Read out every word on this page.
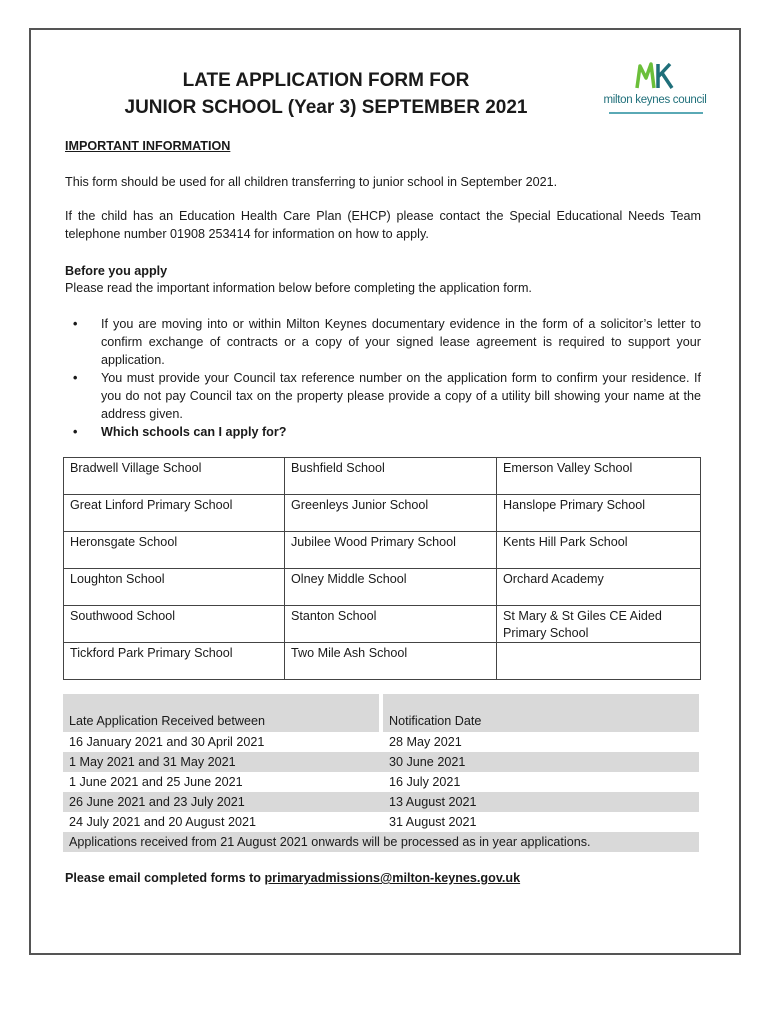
LATE APPLICATION FORM FOR
JUNIOR SCHOOL (Year 3) SEPTEMBER 2021	milton keynes council
IMPORTANT INFORMATION
This form should be used for all children transferring to junior school in September 2021.
If the child has an Education Health Care Plan (EHCP) please contact the Special Educational Needs Team telephone number 01908 253414 for information on how to apply.
Before you apply
Please read the important information below before completing the application form.
• If you are moving into or within Milton Keynes documentary evidence in the form of a solicitor’s letter to confirm exchange of contracts or a copy of your signed lease agreement is required to support your application.
• You must provide your Council tax reference number on the application form to confirm your residence. If you do not pay Council tax on the property please provide a copy of a utility bill showing your name at the address given.
• Which schools can I apply for?
Bradwell Village School	Bushfield School	Emerson Valley School
Great Linford Primary School	Greenleys Junior School	Hanslope Primary School
Heronsgate School	Jubilee Wood Primary School	Kents Hill Park School
Loughton School	Olney Middle School	Orchard Academy
Southwood School	Stanton School	St Mary & St Giles CE Aided Primary School
Tickford Park Primary School	Two Mile Ash School	
Late Application Received between	Notification Date
16 January 2021 and 30 April 2021	28 May 2021
1 May 2021 and 31 May 2021	30 June 2021
1 June 2021 and 25 June 2021	16 July 2021
26 June 2021 and 23 July 2021	13 August 2021
24 July 2021 and 20 August 2021	31 August 2021
Applications received from 21 August 2021 onwards will be processed as in year applications.
Please email completed forms to primaryadmissions@milton-keynes.gov.uk
